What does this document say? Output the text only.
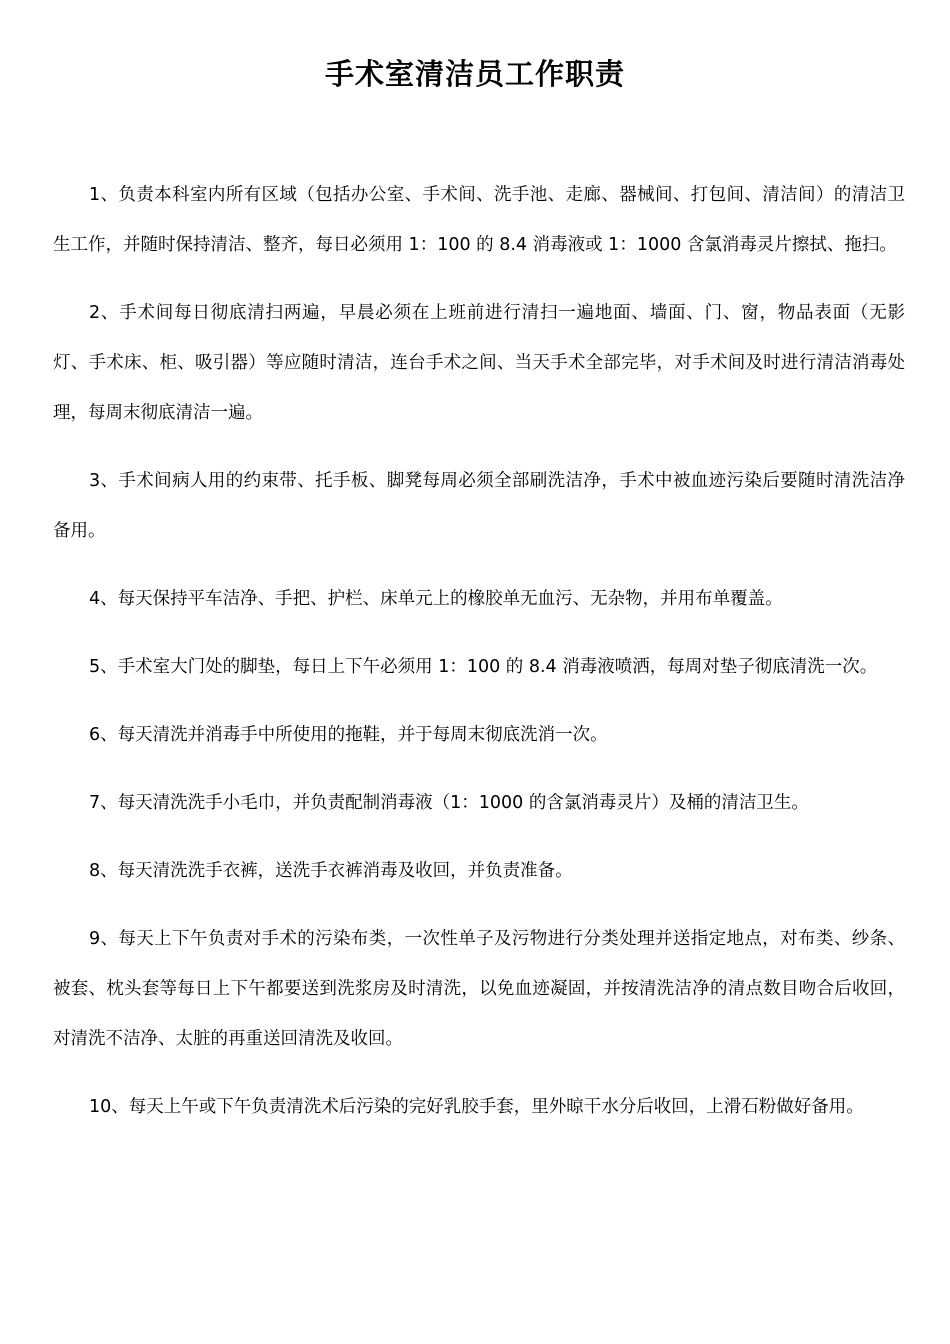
手术室清洁员工作职责

1、负责本科室内所有区域（包括办公室、手术间、洗手池、走廊、器械间、打包间、清洁间）的清洁卫生工作，并随时保持清洁、整齐，每日必须用 1：100 的 8.4 消毒液或 1：1000 含氯消毒灵片擦拭、拖扫。

2、手术间每日彻底清扫两遍，早晨必须在上班前进行清扫一遍地面、墙面、门、窗，物品表面（无影灯、手术床、柜、吸引器）等应随时清洁，连台手术之间、当天手术全部完毕，对手术间及时进行清洁消毒处理，每周末彻底清洁一遍。

3、手术间病人用的约束带、托手板、脚凳每周必须全部刷洗洁净，手术中被血迹污染后要随时清洗洁净备用。

4、每天保持平车洁净、手把、护栏、床单元上的橡胶单无血污、无杂物，并用布单覆盖。

5、手术室大门处的脚垫，每日上下午必须用 1：100 的 8.4 消毒液喷洒，每周对垫子彻底清洗一次。

6、每天清洗并消毒手中所使用的拖鞋，并于每周末彻底洗消一次。

7、每天清洗洗手小毛巾，并负责配制消毒液（1：1000 的含氯消毒灵片）及桶的清洁卫生。

8、每天清洗洗手衣裤，送洗手衣裤消毒及收回，并负责准备。

9、每天上下午负责对手术的污染布类，一次性单子及污物进行分类处理并送指定地点，对布类、纱条、被套、枕头套等每日上下午都要送到洗浆房及时清洗，以免血迹凝固，并按清洗洁净的清点数目吻合后收回，对清洗不洁净、太脏的再重送回清洗及收回。

10、每天上午或下午负责清洗术后污染的完好乳胶手套，里外晾干水分后收回，上滑石粉做好备用。
